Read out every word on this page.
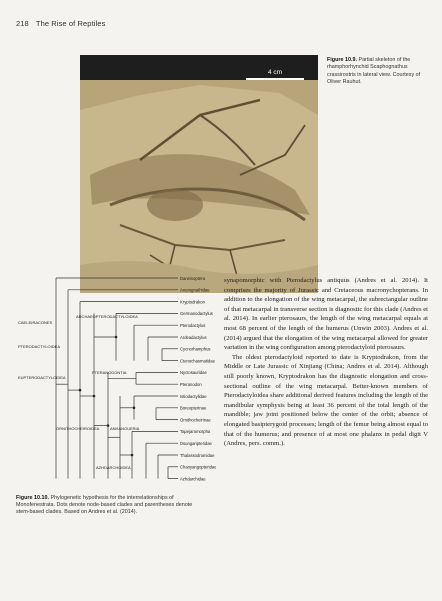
218 The Rise of Reptiles
4 cm
Figure 10.9. Partial skeleton of the rhamphorhynchid Scaphognathus crassirostris in lateral view. Courtesy of Oliver Rauhut.
Darwinoptera
Anurognathidae
Kryptodrakon
Germanodactylus
Pterodactylus
Ardeadactylus
Cycnorhamphus
Ctenochasmatidae
Nyctosauridae
Pteranodon
Istiodactylidae
Boreopterinae
Ornithocheirinae
Tapejaromorpha
Dsungaripteridae
Thalassodromidae
Chaoyangopteridae
Azhdarchidae
CAELIDRACONES
PTERODACTYLOIDEA
EUPTERODACTYLOIDEA
ARCHAEOPTERODACTYLOIDEA
PTERANODONTIA
ORNITHOCHEIROIDEA	ANHANGUERIA
AZHDARCHOIDEA
Figure 10.10. Phylogenetic hypothesis for the interrelationships of Monofenestrata. Dots denote node-based clades and parentheses denote stem-based clades. Based on Andres et al. (2014).

synapomorphic with Pterodactylus antiquus (Andres et al. 2014). It comprises the majority of Jurassic and Cretaceous macronychopterans. In addition to the elongation of the wing metacarpal, the subrectangular outline of that metacarpal in transverse section is diagnostic for this clade (Andres et al. 2014). In earlier pterosaurs, the length of the wing metacarpal equals at most 68 percent of the length of the humerus (Unwin 2003). Andres et al. (2014) argued that the elongation of the wing metacarpal allowed for greater variation in the wing configuration among pterodactyloid pterosaurs.

The oldest pterodactyloid reported to date is Kryptodrakon, from the Middle or Late Jurassic of Xinjiang (China; Andres et al. 2014). Although still poorly known, Kryptodrakon has the diagnostic elongation and cross-sectional outline of the wing metacarpal. Better-known members of Pterodactyloidea share additional derived features including the length of the mandibular symphysis being at least 36 percent of the total length of the mandible; jaw joint positioned below the center of the orbit; absence of elongated basipterygoid processes; length of the femur being almost equal to that of the humerus; and presence of at most one phalanx in pedal digit V (Andres, pers. comm.).
